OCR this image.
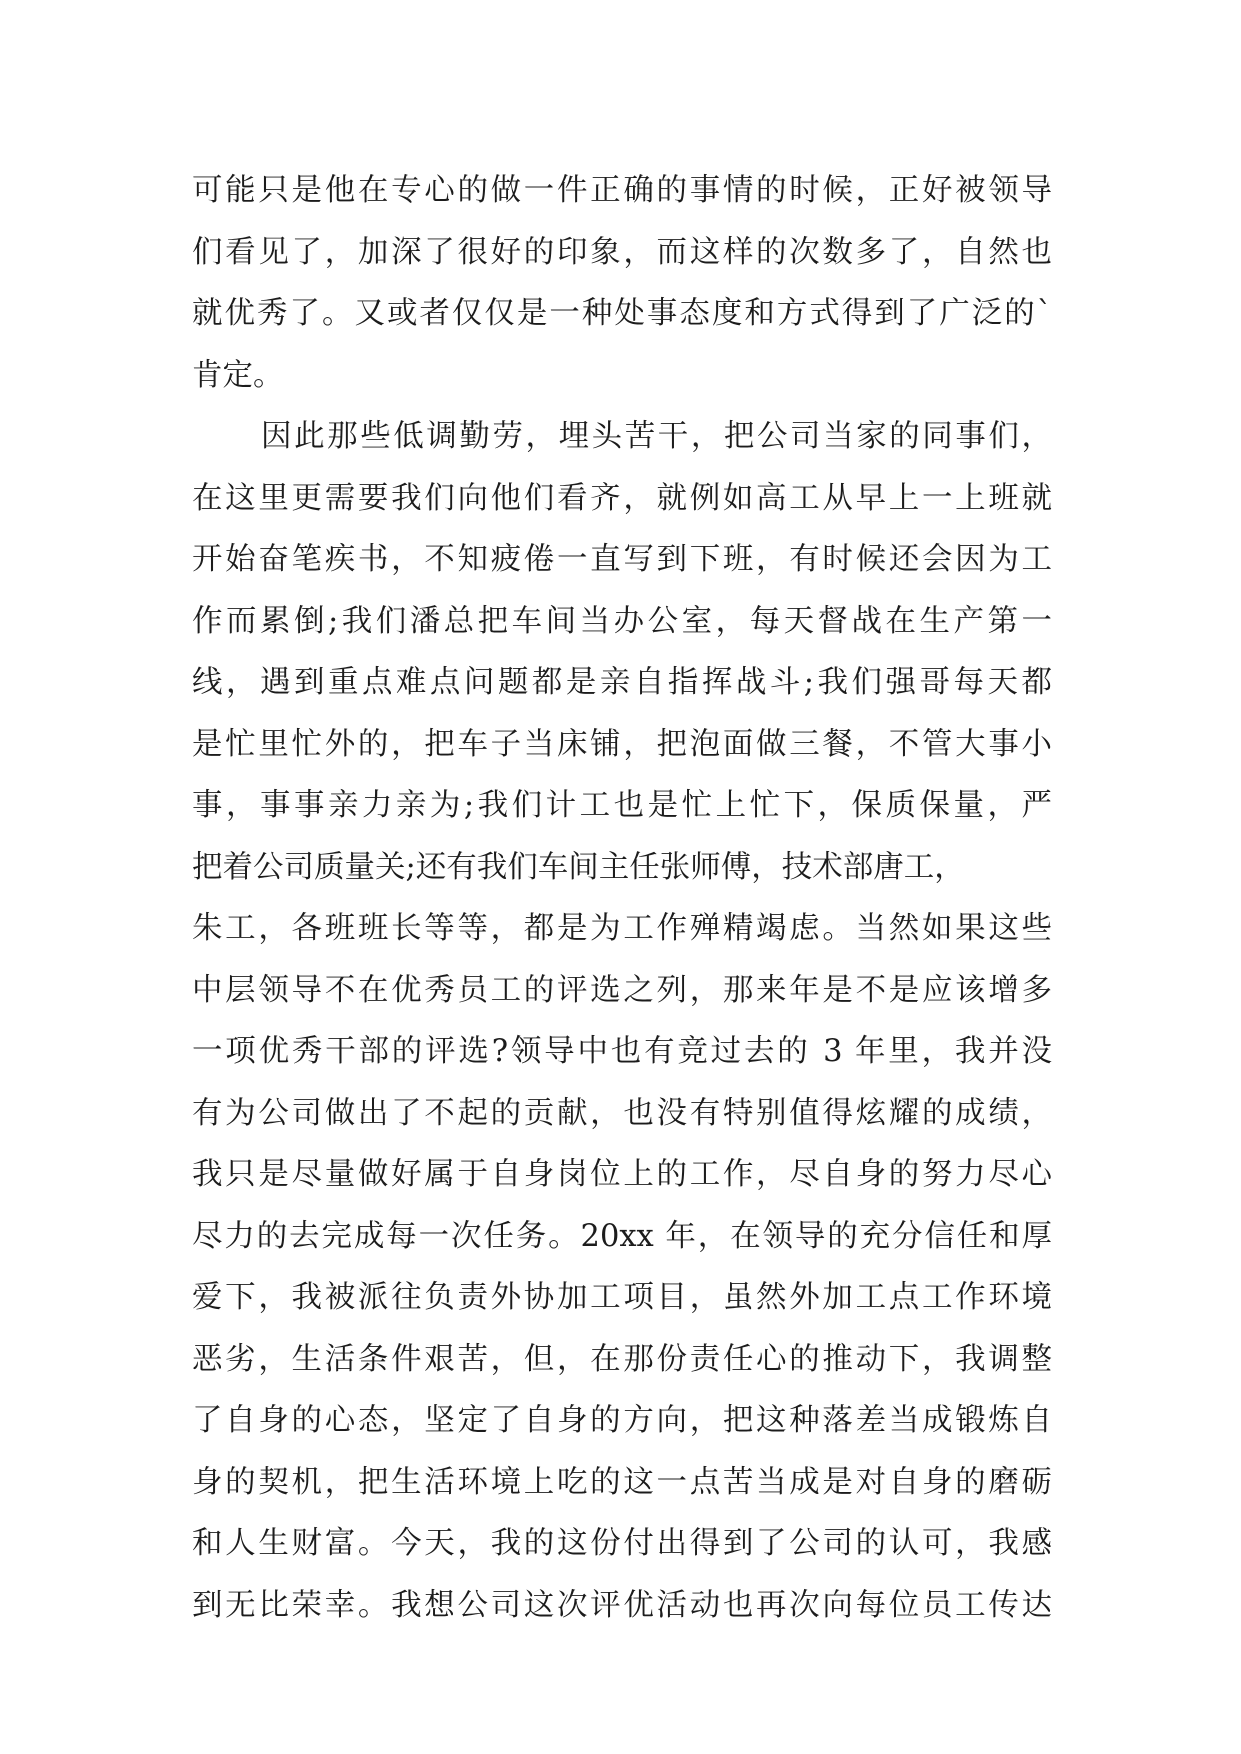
可能只是他在专心的做一件正确的事情的时候，正好被领导
们看见了，加深了很好的印象，而这样的次数多了，自然也
就优秀了。又或者仅仅是一种处事态度和方式得到了广泛的`
肯定。
因此那些低调勤劳，埋头苦干，把公司当家的同事们，
在这里更需要我们向他们看齐，就例如高工从早上一上班就
开始奋笔疾书，不知疲倦一直写到下班，有时候还会因为工
作而累倒;我们潘总把车间当办公室，每天督战在生产第一
线，遇到重点难点问题都是亲自指挥战斗;我们强哥每天都
是忙里忙外的，把车子当床铺，把泡面做三餐，不管大事小
事，事事亲力亲为;我们计工也是忙上忙下，保质保量，严
把着公司质量关;还有我们车间主任张师傅，技术部唐工，
朱工，各班班长等等，都是为工作殚精竭虑。当然如果这些
中层领导不在优秀员工的评选之列，那来年是不是应该增多
一项优秀干部的评选?领导中也有竞过去的 3 年里，我并没
有为公司做出了不起的贡献，也没有特别值得炫耀的成绩，
我只是尽量做好属于自身岗位上的工作，尽自身的努力尽心
尽力的去完成每一次任务。20xx 年，在领导的充分信任和厚
爱下，我被派往负责外协加工项目，虽然外加工点工作环境
恶劣，生活条件艰苦，但，在那份责任心的推动下，我调整
了自身的心态，坚定了自身的方向，把这种落差当成锻炼自
身的契机，把生活环境上吃的这一点苦当成是对自身的磨砺
和人生财富。今天，我的这份付出得到了公司的认可，我感
到无比荣幸。我想公司这次评优活动也再次向每位员工传达
